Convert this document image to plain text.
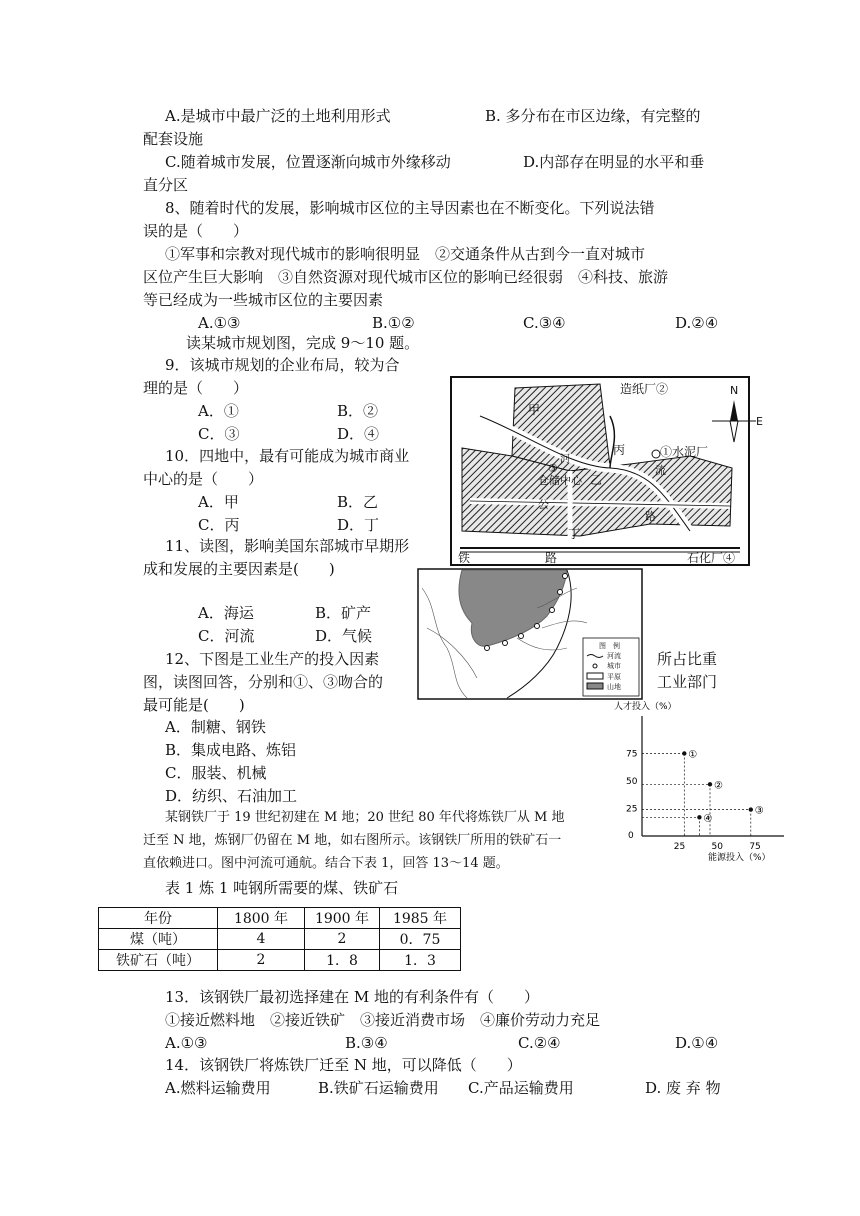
A.是城市中最广泛的土地利用形式	B. 多分布在市区边缘，有完整的
配套设施
C.随着城市发展，位置逐渐向城市外缘移动	D.内部存在明显的水平和垂
直分区
8、随着时代的发展，影响城市区位的主导因素也在不断变化。下列说法错
误的是（　　）
①军事和宗教对现代城市的影响很明显　②交通条件从古到今一直对城市
区位产生巨大影响　③自然资源对现代城市区位的影响已经很弱　④科技、旅游
等已经成为一些城市区位的主要因素
A.①③	B.①②	C.③④	D.②④
读某城市规划图，完成 9～10 题。
9．该城市规划的企业布局，较为合
理的是（　　）
A．①	B．②
C．③	D．④
10．四地中，最有可能成为城市商业
中心的是（　　）
A．甲	B．乙
C．丙	D．丁
11、读图，影响美国东部城市早期形
成和发展的主要因素是(　　)
A．海运	B．矿产
C．河流	D．气候
12、下图是工业生产的投入因素	所占比重
图，读图回答，分别和①、③吻合的	工业部门
最可能是(　　)
A．制糖、钢铁
B．集成电路、炼铝
C．服装、机械
D．纺织、石油加工
某钢铁厂于 19 世纪初建在 M 地；20 世纪 80 年代将炼铁厂从 M 地
迁至 N 地，炼钢厂仍留在 M 地，如右图所示。该钢铁厂所用的铁矿石一
直依赖进口。图中河流可通航。结合下表 1，回答 13～14 题。
表 1 炼 1 吨钢所需要的煤、铁矿石
年份	1800 年	1900 年	1985 年
煤（吨）	4	2	0．75
铁矿石（吨）	2	1．8	1．3
13．该钢铁厂最初选择建在 M 地的有利条件有（　　）
①接近燃料地　②接近铁矿　③接近消费市场　④廉价劳动力充足
A.①③	B.③④	C.②④	D.①④
14．该钢铁厂将炼铁厂迁至 N 地，可以降低（　　）
A.燃料运输费用	B.铁矿石运输费用 C.产品运输费用	D. 废 弃 物
造纸厂②
①水泥厂
甲
乙
丙
丁
仓储中心
③
河
流
公
路
铁	路	石化厂④
N
E
图　例
河流
城市
平原
山地
人才投入（%）
能源投入（%）
0
25	50	75
25
50
75	①
②
③
④
